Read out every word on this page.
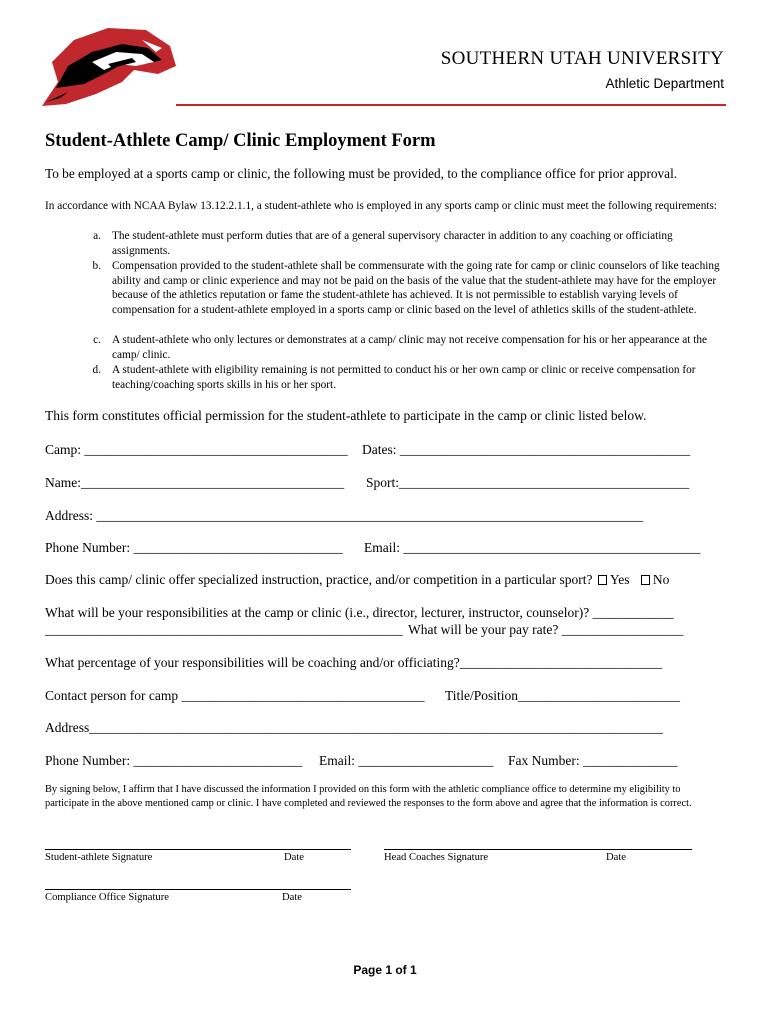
SOUTHERN UTAH UNIVERSITY
Athletic Department
Student-Athlete Camp/ Clinic Employment Form
To be employed at a sports camp or clinic, the following must be provided, to the compliance office for prior approval.
In accordance with NCAA Bylaw 13.12.2.1.1, a student-athlete who is employed in any sports camp or clinic must meet the following requirements:
a. The student-athlete must perform duties that are of a general supervisory character in addition to any coaching or officiating assignments.
b. Compensation provided to the student-athlete shall be commensurate with the going rate for camp or clinic counselors of like teaching ability and camp or clinic experience and may not be paid on the basis of the value that the student-athlete may have for the employer because of the athletics reputation or fame the student-athlete has achieved. It is not permissible to establish varying levels of compensation for a student-athlete employed in a sports camp or clinic based on the level of athletics skills of the student-athlete.
c. A student-athlete who only lectures or demonstrates at a camp/ clinic may not receive compensation for his or her appearance at the camp/ clinic.
d. A student-athlete with eligibility remaining is not permitted to conduct his or her own camp or clinic or receive compensation for teaching/coaching sports skills in his or her sport.
This form constitutes official permission for the student-athlete to participate in the camp or clinic listed below.
Camp: _______________________________________ Dates: ___________________________________________
Name:_______________________________________ Sport:___________________________________________
Address: _________________________________________________________________________________
Phone Number: _______________________________ Email: ____________________________________________
Does this camp/ clinic offer specialized instruction, practice, and/or competition in a particular sport? Yes No
What will be your responsibilities at the camp or clinic (i.e., director, lecturer, instructor, counselor)? ____________
_____________________________________________________ What will be your pay rate? __________________
What percentage of your responsibilities will be coaching and/or officiating?______________________________
Contact person for camp ____________________________________ Title/Position________________________
Address_____________________________________________________________________________________
Phone Number: _________________________ Email: ____________________ Fax Number: ______________
By signing below, I affirm that I have discussed the information I provided on this form with the athletic compliance office to determine my eligibility to participate in the above mentioned camp or clinic. I have completed and reviewed the responses to the form above and agree that the information is correct.
Student-athlete Signature	Date	Head Coaches Signature	Date
Compliance Office Signature	Date
Page 1 of 1
